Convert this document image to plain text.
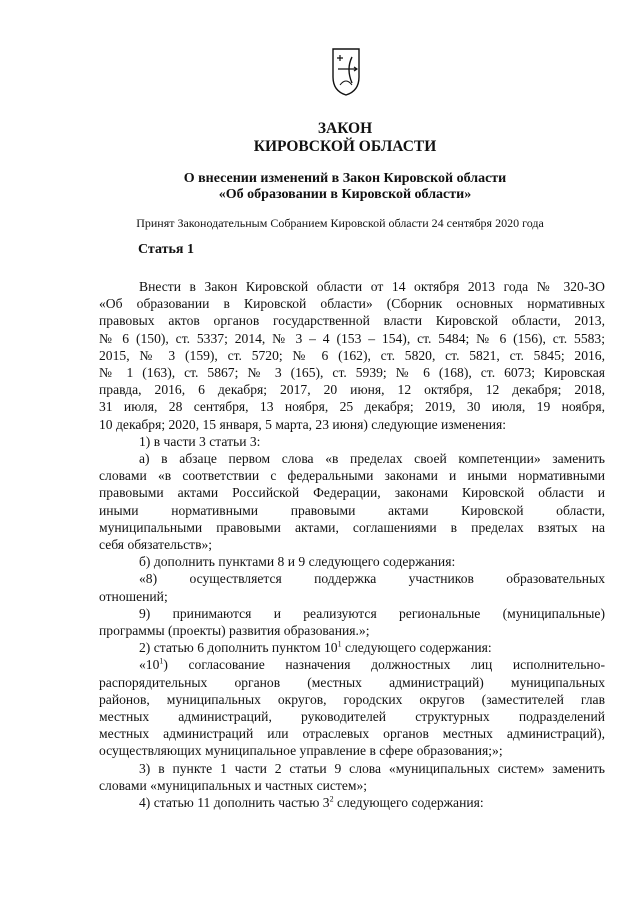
ЗАКОН
КИРОВСКОЙ ОБЛАСТИ
О внесении изменений в Закон Кировской области
«Об образовании в Кировской области»
Принят Законодательным Собранием Кировской области 24 сентября 2020 года
Статья 1

Внести в Закон Кировской области от 14 октября 2013 года № 320-ЗО

«Об образовании в Кировской области» (Сборник основных нормативных

правовых актов органов государственной власти Кировской области, 2013,

№ 6 (150), ст. 5337; 2014, № 3 – 4 (153 – 154), ст. 5484; № 6 (156), ст. 5583;

2015, № 3 (159), ст. 5720; № 6 (162), ст. 5820, ст. 5821, ст. 5845; 2016,

№ 1 (163), ст. 5867; № 3 (165), ст. 5939; № 6 (168), ст. 6073; Кировская

правда, 2016, 6 декабря; 2017, 20 июня, 12 октября, 12 декабря; 2018,

31 июля, 28 сентября, 13 ноября, 25 декабря; 2019, 30 июля, 19 ноября,

10 декабря; 2020, 15 января, 5 марта, 23 июня) следующие изменения:

1) в части 3 статьи 3:

а) в абзаце первом слова «в пределах своей компетенции» заменить

словами «в соответствии с федеральными законами и иными нормативными

правовыми актами Российской Федерации, законами Кировской области и

иными нормативными правовыми актами Кировской области,

муниципальными правовыми актами, соглашениями в пределах взятых на

себя обязательств»;

б) дополнить пунктами 8 и 9 следующего содержания:

«8) осуществляется поддержка участников образовательных

отношений;

9) принимаются и реализуются региональные (муниципальные)

программы (проекты) развития образования.»;

2) статью 6 дополнить пунктом $10^1$ следующего содержания:

«$10^1$) согласование назначения должностных лиц исполнительно-

распорядительных органов (местных администраций) муниципальных

районов, муниципальных округов, городских округов (заместителей глав

местных администраций, руководителей структурных подразделений

местных администраций или отраслевых органов местных администраций),

осуществляющих муниципальное управление в сфере образования;»;

3) в пункте 1 части 2 статьи 9 слова «муниципальных систем» заменить

словами «муниципальных и частных систем»;

4) статью 11 дополнить частью $3^2$ следующего содержания:
